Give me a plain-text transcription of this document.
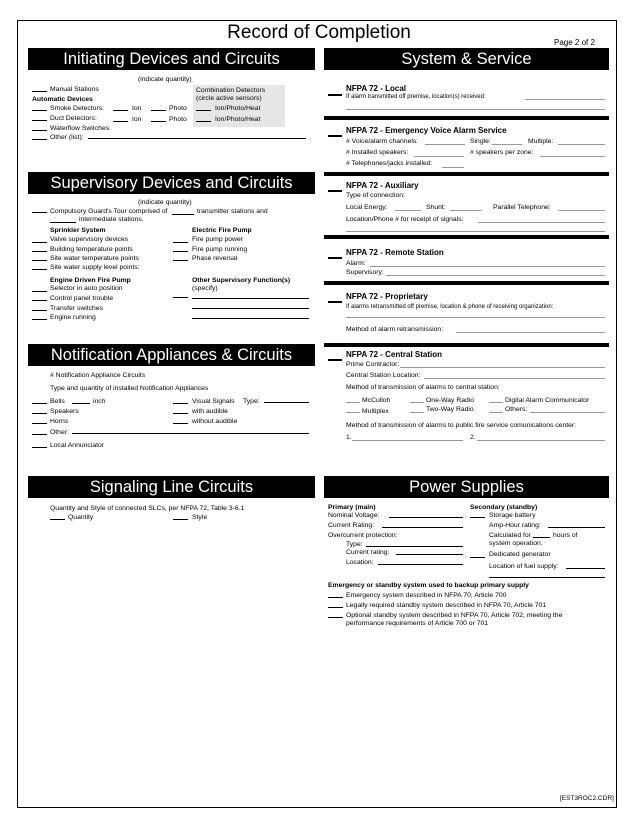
Record of Completion	Page 2 of 2
[EST3ROC2.CDR]
Initiating Devices and Circuits
(indicate quantity)
Manual Stations
Automatic Devices
Smoke Detectors:	Ion	Photo
Duct Detectors:	Ion	Photo
Combination Detectors
(circle active sensors)
Ion/Photo/Heat
Ion/Photo/Heat
Waterflow Switches:
Other (list):
Supervisory Devices and Circuits
(indicate quantity)
Compulsory Guard's Tour comprised of	transmitter stations and
intermediate stations.
Sprinkler System
Valve supervisory devices
Building temperature points
Site water temperature points
Site water supply level points:
Electric Fire Pump
Fire pump power
Fire pump running
Phase reversal
Engine Driven Fire Pump
Selector in auto position
Control panel trouble
Transfer switches
Engine running
Other Supervisory Function(s)
(specify)
Notification Appliances & Circuits
# Notification Appliance Circuits
Type and quantity of installed Notification Appliances
Bells	inch
Speakers
Horns
Other:
Visual Signals Type:
with audible
without audible
Local Annunciator
Signaling Line Circuits
Quantity and Style of connected SLCs, per NFPA 72, Table 3-6.1
Quantity	Style
System & Service
NFPA 72 - Local
If alarm transmitted off premise, location(s) received:
NFPA 72 - Emergency Voice Alarm Service
# Voice/alarm channels:	Single:	Multiple:
# Installed speakers:	# speakers per zone:
# Telephones/jacks installed:
NFPA 72 - Auxiliary
Type of connection:
Local Energy:	Shunt:	Parallel Telephone:
Location/Phone # for receipt of signals:
NFPA 72 - Remote Station
Alarm:
Supervisory:
NFPA 72 - Proprietary
If alarms retransmitted off premise, location & phone of receiving organization:
Method of alarm retransmission:
NFPA 72 - Central Station
Prime Contractor:
Central Station Location:
Method of transmission of alarms to central station:
McCulloh
Multiplex
One-Way Radio
Two-Way Radio
Digital Alarm Communicator
Others:
Method of transmission of alarms to public fire service comunications center:
1.	2.
Power Supplies
Primary (main)
Nominal Voltage:
Current Rating:
Overcurrent protection:
Type:
Current rating:
Location:
Secondary (standby)
Storage battery
Amp-Hour rating:
Calculated for	hours of
system operation.
Dedicated generator
Location of fuel supply:
Emergency or standby system used to backup primary supply
Emergency system described in NFPA 70, Article 700
Legally required standby system described in NFPA 70, Article 701
Optional standby system described in NFPA 70, Article 702, meeting the
performance requirements of Article 700 or 701
